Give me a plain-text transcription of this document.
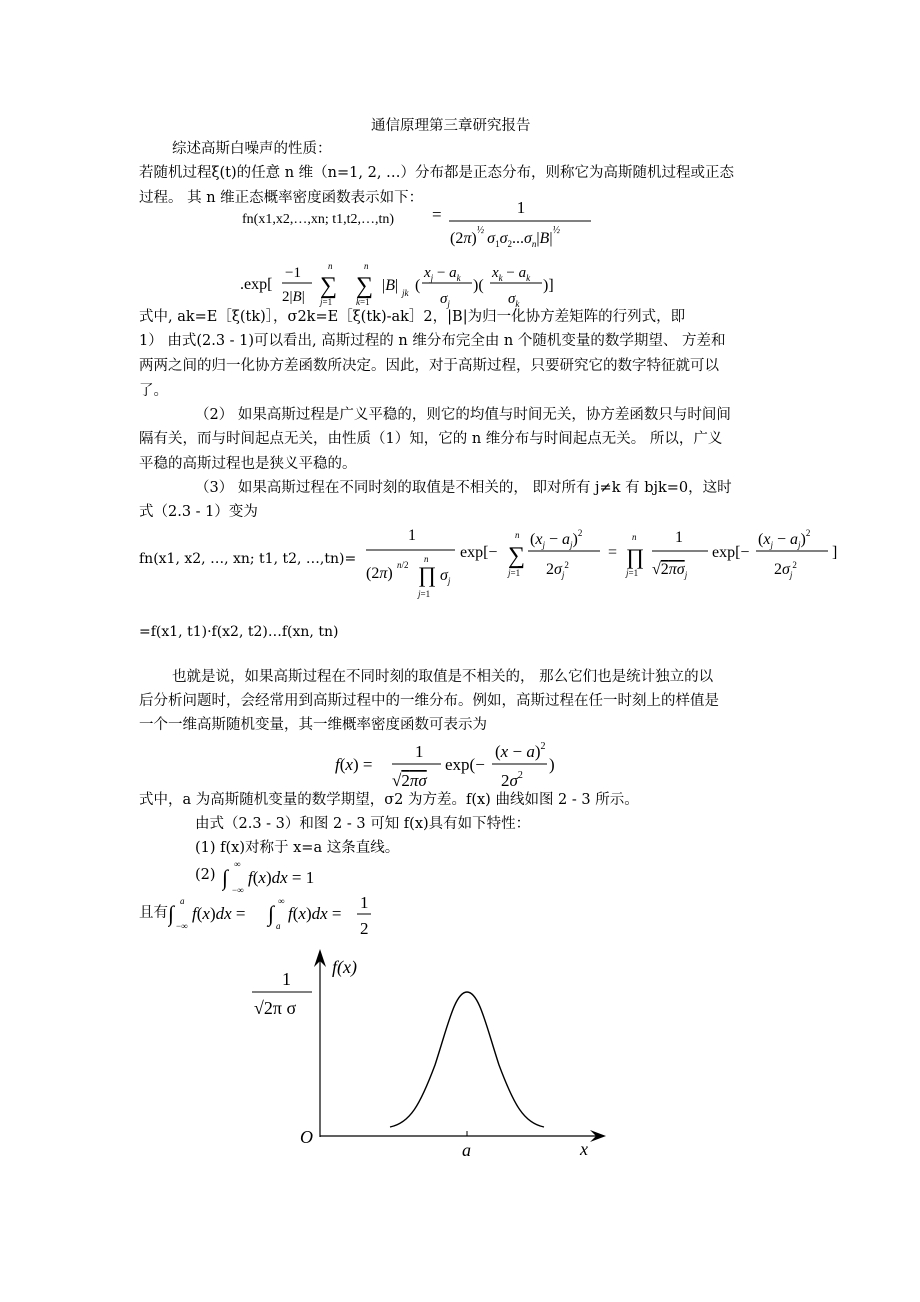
通信原理第三章研究报告
综述高斯白噪声的性质：
若随机过程ξ(t)的任意 n 维（n=1, 2, …）分布都是正态分布，则称它为高斯随机过程或正态
过程。 其 n 维正态概率密度函数表示如下：
fn(x1,x2,…,xn; t1,t2,…,tn) =	1
$(2\pi)^{\frac{1}{2}}$ $\sigma_1\sigma_2...\sigma_n|B|^{\frac{1}{2}}$
.exp[
−1
2|B| ∑
n
j=1
∑
n
k=1
|B| jk (
$x_j - a_k$
$\sigma_j$
)(
$x_k - a_k$
$\sigma_k$
)]
式中, ak=E［ξ(tk)］，σ2k=E［ξ(tk)-ak］2，|B|为归一化协方差矩阵的行列式，即
1） 由式(2.3 - 1)可以看出, 高斯过程的 n 维分布完全由 n 个随机变量的数学期望、 方差和
两两之间的归一化协方差函数所决定。因此，对于高斯过程，只要研究它的数字特征就可以
了。
（2） 如果高斯过程是广义平稳的，则它的均值与时间无关，协方差函数只与时间间
隔有关，而与时间起点无关，由性质（1）知，它的 n 维分布与时间起点无关。 所以，广义
平稳的高斯过程也是狭义平稳的。
（3） 如果高斯过程在不同时刻的取值是不相关的， 即对所有 j≠k 有 bjk=0，这时
式（2.3 - 1）变为
fn(x1, x2, …, xn; t1, t2, …,tn)=
1
(2π) n/2 ∏
n
j=1
$\sigma_j$
exp[− ∑
n
j=1
$(x_j - a_j)^2$
$2\sigma_j^2$
= ∏
n
j=1
1
$√2\pi\sigma_j$
exp[−
$(x_j - a_j)^2$
$2\sigma_j^2$
]
=f(x1, t1)·f(x2, t2)…f(xn, tn)
也就是说，如果高斯过程在不同时刻的取值是不相关的， 那么它们也是统计独立的以
后分析问题时，会经常用到高斯过程中的一维分布。例如，高斯过程在任一时刻上的样值是
一个一维高斯随机变量，其一维概率密度函数可表示为
f(x) =
1
√2πσ
exp(−
$(x - a)^2$
$2\sigma^2$
)
式中，a 为高斯随机变量的数学期望，σ2 为方差。f(x) 曲线如图 2 - 3 所示。
由式（2.3 - 3）和图 2 - 3 可知 f(x)具有如下特性：
(1) f(x)对称于 x=a 这条直线。
(2) ∫
∞
−∞
f(x)dx = 1
且有 ∫ a
−∞
f(x)dx = ∫ ∞
a
f(x)dx =
1
2
f(x)
x
O
a
1
√2π σ
